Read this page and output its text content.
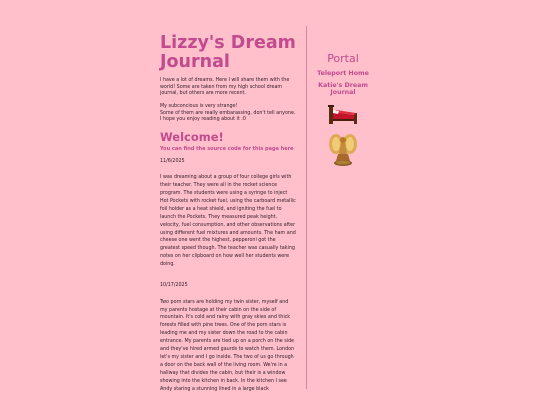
Lizzy's Dream Journal

I have a lot of dreams. Here I will share them with the world! Some are taken from my high school dream journal, but others are more recent.

My subconcious is very strange!
Some of them are really embarassing, don't tell anyone.
I hope you enjoy reading about it :0

Welcome!
You can find the source code for this page here
11/6/2025
I was dreaming about a group of four college girls with their teacher. They were all in the rocket science program. The students were using a syringe to inject Hot Pockets with rocket fuel, using the carboard metallic foil holder as a heat shield, and igniting the fuel to launch the Pockets. They measured peak height, velocity, fuel consumption, and other observations after using different fuel mixtures and amounts. The ham and cheese one went the highest, pepperoni got the greatest speed though. The teacher was casually taking notes on her clipboard on how well her students were doing.
10/17/2025
Two porn stars are holding my twin sister, myself and my parents hostage at their cabin on the side of mountain. It's cold and rainy with gray skies and thick forests filled with pine trees. One of the porn stars is leading me and my sister down the road to the cabin entrance. My parents are tied up on a porch on the side and they've hired armed gaurds to watch them. London let's my sister and I go inside. The two of us go through a door on the back wall of the living room. We're in a hallway that divides the cabin, but their is a window showing into the kitchen in back. In the kitchen I see Andy staring a stunning lined in a large black
Portal
Teleport Home
Katie's Dream Journal
